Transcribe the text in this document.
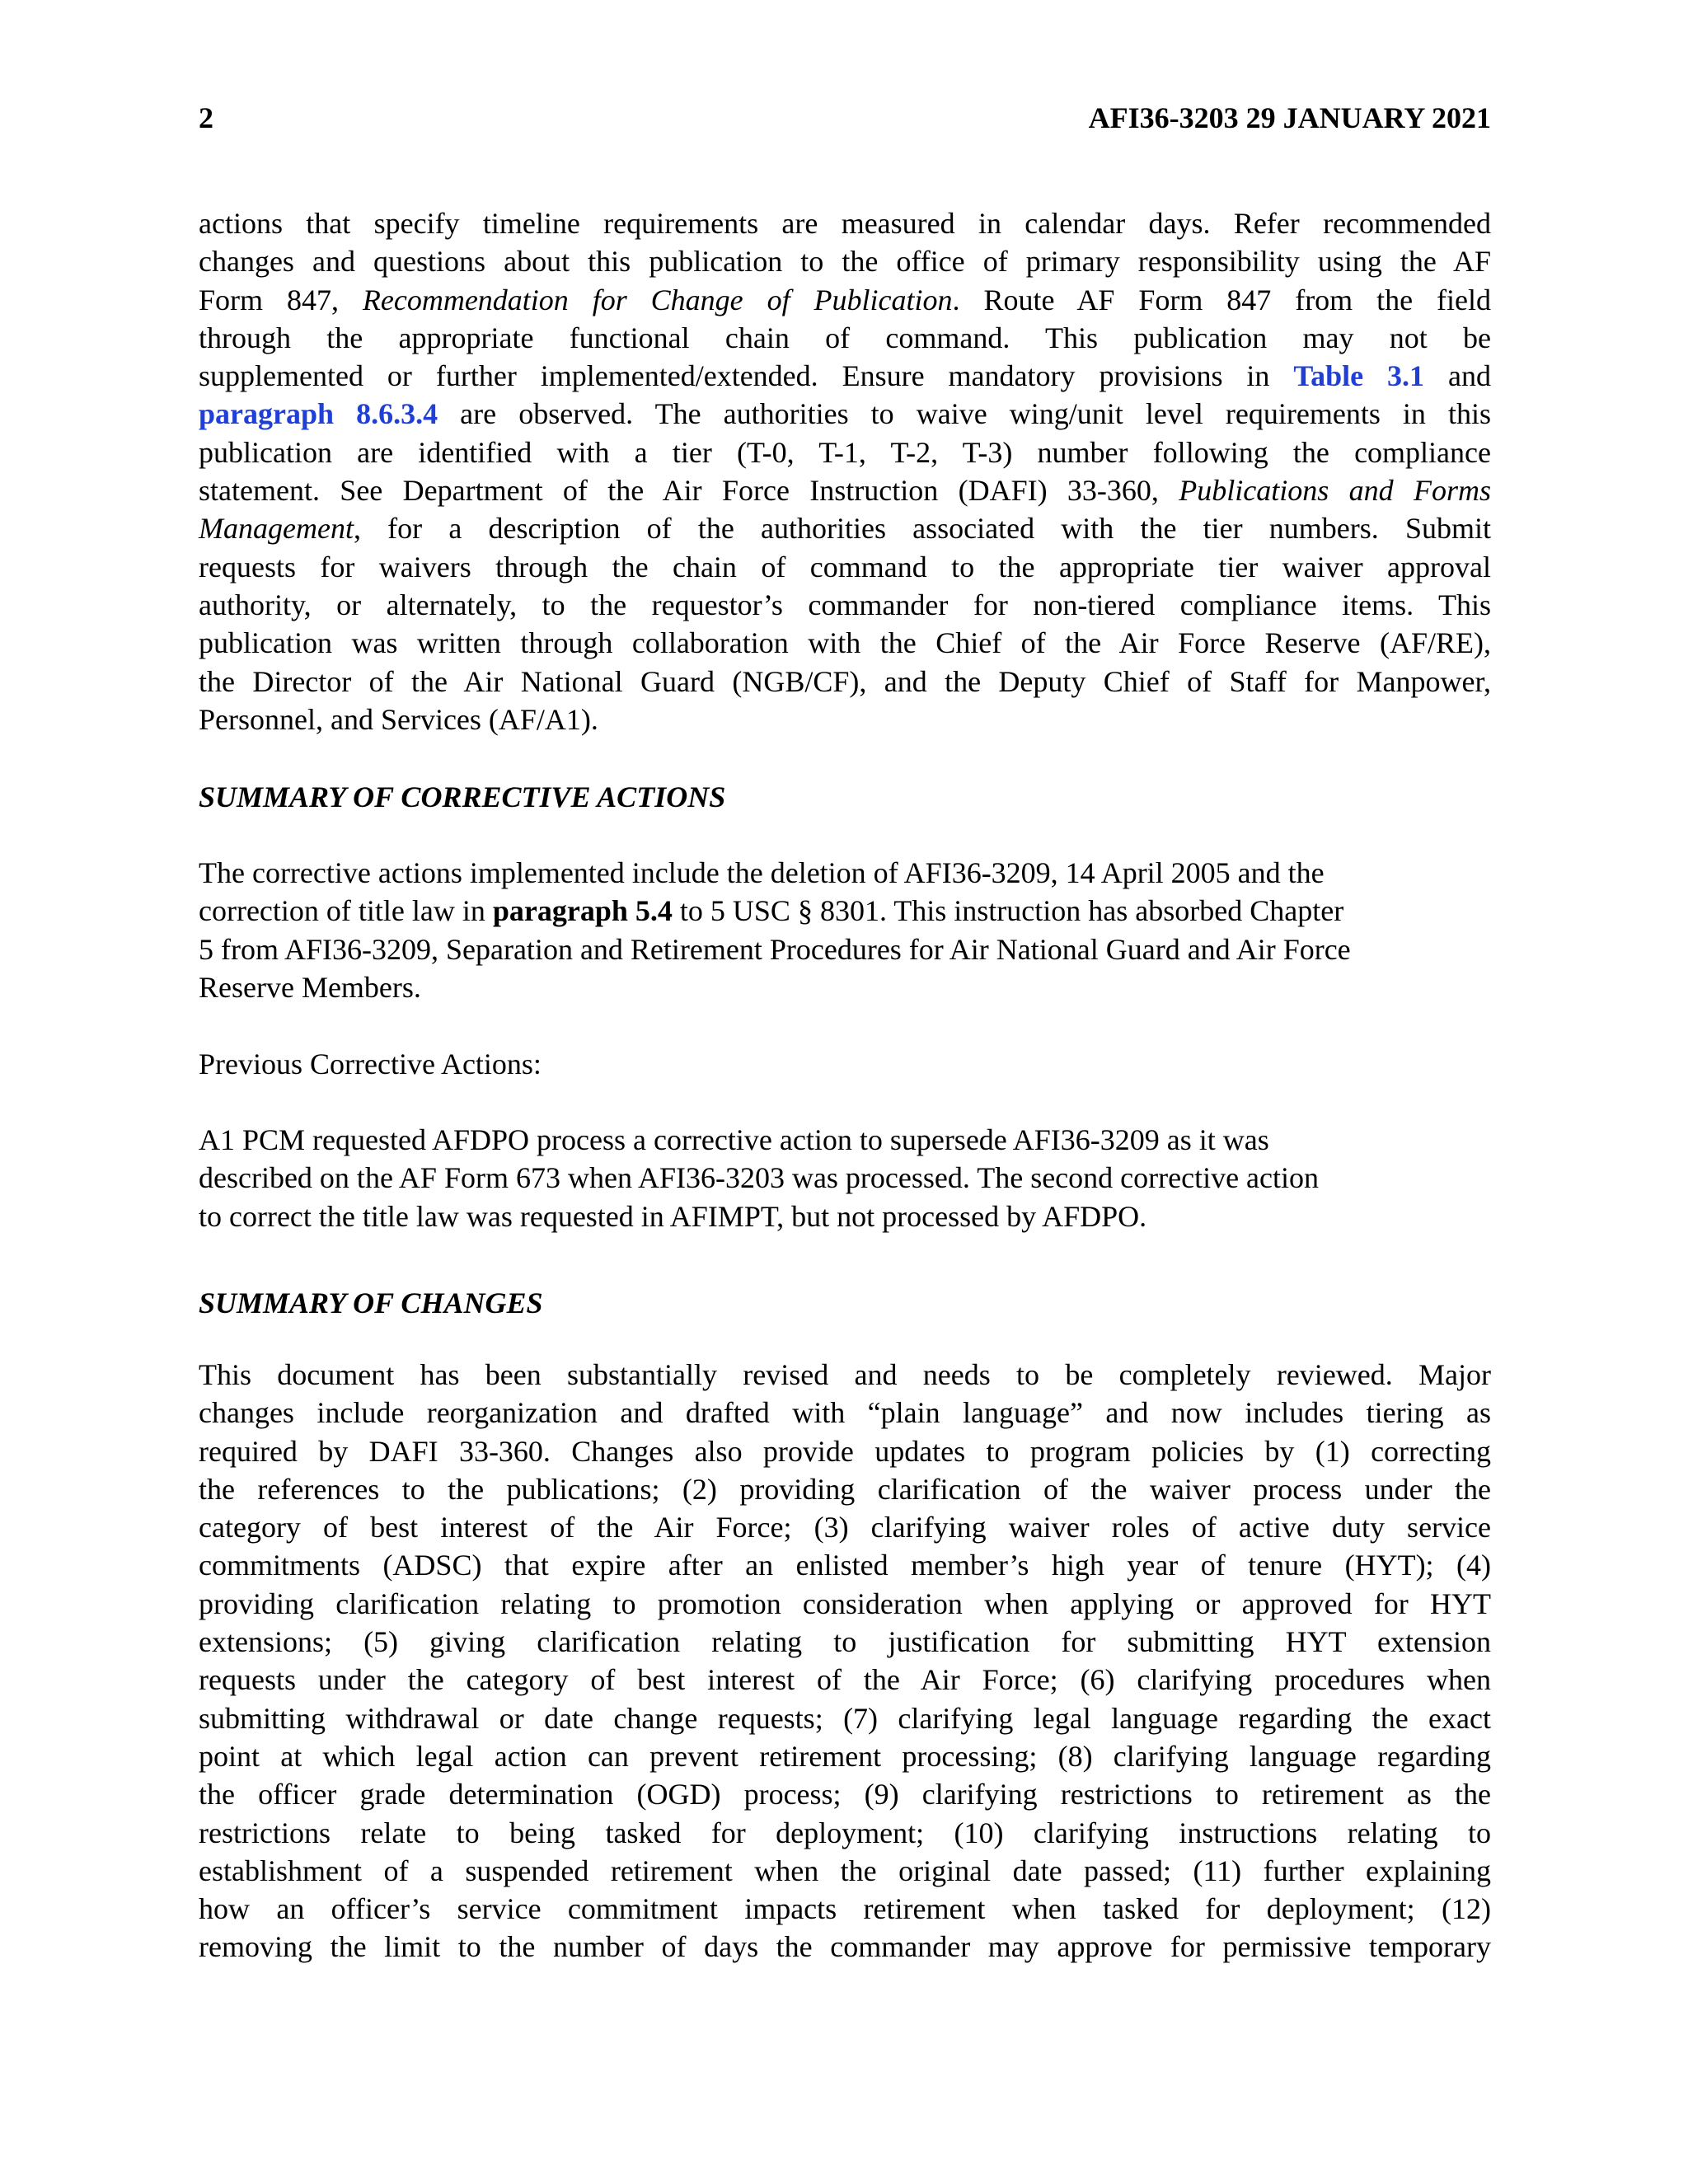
2	AFI36-3203 29 JANUARY 2021
actions that specify timeline requirements are measured in calendar days. Refer recommended
changes and questions about this publication to the office of primary responsibility using the AF
Form 847, Recommendation for Change of Publication. Route AF Form 847 from the field
through the appropriate functional chain of command. This publication may not be
supplemented or further implemented/extended. Ensure mandatory provisions in Table 3.1 and
paragraph 8.6.3.4 are observed. The authorities to waive wing/unit level requirements in this
publication are identified with a tier (T-0, T-1, T-2, T-3) number following the compliance
statement. See Department of the Air Force Instruction (DAFI) 33-360, Publications and Forms
Management, for a description of the authorities associated with the tier numbers. Submit
requests for waivers through the chain of command to the appropriate tier waiver approval
authority, or alternately, to the requestor’s commander for non-tiered compliance items. This
publication was written through collaboration with the Chief of the Air Force Reserve (AF/RE),
the Director of the Air National Guard (NGB/CF), and the Deputy Chief of Staff for Manpower,
Personnel, and Services (AF/A1).
SUMMARY OF CORRECTIVE ACTIONS
The corrective actions implemented include the deletion of AFI36-3209, 14 April 2005 and the
correction of title law in paragraph 5.4 to 5 USC § 8301. This instruction has absorbed Chapter
5 from AFI36-3209, Separation and Retirement Procedures for Air National Guard and Air Force
Reserve Members.
Previous Corrective Actions:
A1 PCM requested AFDPO process a corrective action to supersede AFI36-3209 as it was
described on the AF Form 673 when AFI36-3203 was processed. The second corrective action
to correct the title law was requested in AFIMPT, but not processed by AFDPO.
SUMMARY OF CHANGES
This document has been substantially revised and needs to be completely reviewed. Major
changes include reorganization and drafted with “plain language” and now includes tiering as
required by DAFI 33-360. Changes also provide updates to program policies by (1) correcting
the references to the publications; (2) providing clarification of the waiver process under the
category of best interest of the Air Force; (3) clarifying waiver roles of active duty service
commitments (ADSC) that expire after an enlisted member’s high year of tenure (HYT); (4)
providing clarification relating to promotion consideration when applying or approved for HYT
extensions; (5) giving clarification relating to justification for submitting HYT extension
requests under the category of best interest of the Air Force; (6) clarifying procedures when
submitting withdrawal or date change requests; (7) clarifying legal language regarding the exact
point at which legal action can prevent retirement processing; (8) clarifying language regarding
the officer grade determination (OGD) process; (9) clarifying restrictions to retirement as the
restrictions relate to being tasked for deployment; (10) clarifying instructions relating to
establishment of a suspended retirement when the original date passed; (11) further explaining
how an officer’s service commitment impacts retirement when tasked for deployment; (12)
removing the limit to the number of days the commander may approve for permissive temporary
